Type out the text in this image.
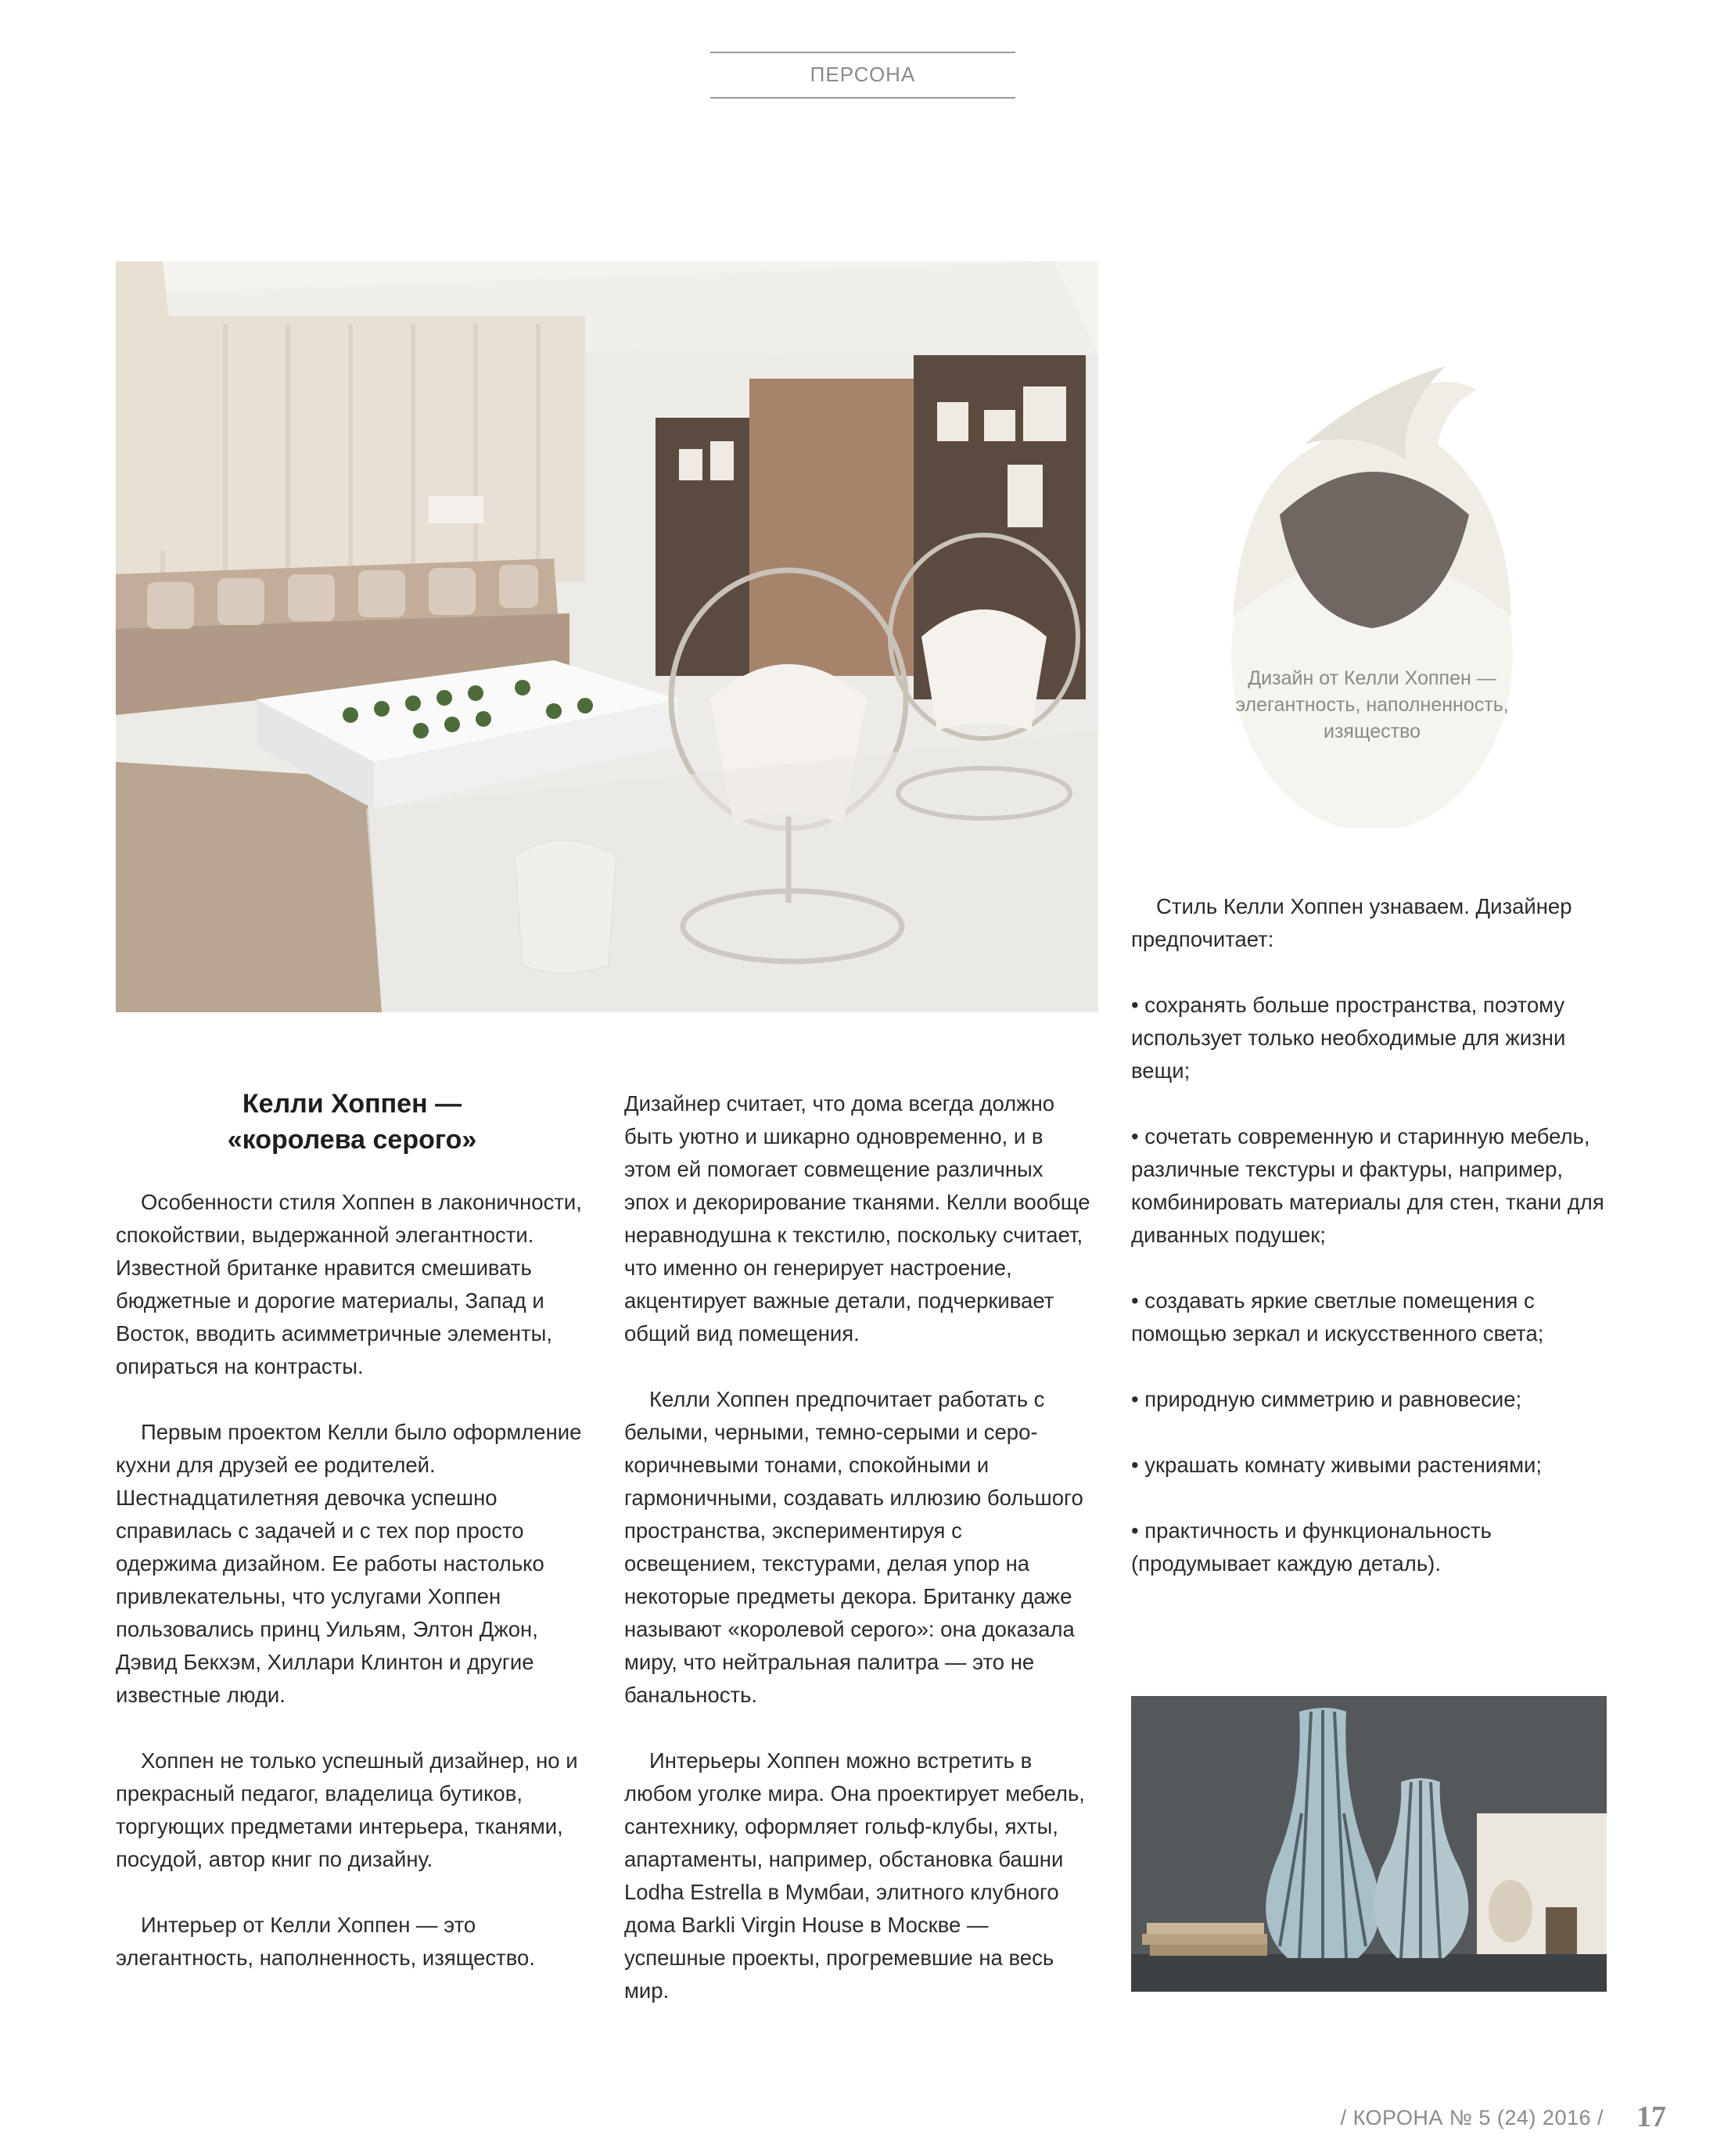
ПЕРСОНА
Дизайн от Келли Хоппен — элегантность, наполненность, изящество
Келли Хоппен —
«королева серого»

Особенности стиля Хоппен в лаконичности, спокойствии, выдержанной элегантности. Известной британке нравится смешивать бюджетные и дорогие материалы, Запад и Восток, вводить асимметричные элементы, опираться на контрасты.

Первым проектом Келли было оформление кухни для друзей ее родителей. Шестнадцатилетняя девочка успешно справилась с задачей и с тех пор просто одержима дизайном. Ее работы настолько привлекательны, что услугами Хоппен пользовались принц Уильям, Элтон Джон, Дэвид Бекхэм, Хиллари Клинтон и другие известные люди.

Хоппен не только успешный дизайнер, но и прекрасный педагог, владелица бутиков, торгующих предметами интерьера, тканями, посудой, автор книг по дизайну.

Интерьер от Келли Хоппен — это элегантность, наполненность, изящество.

Дизайнер считает, что дома всегда должно быть уютно и шикарно одновременно, и в этом ей помогает совмещение различных эпох и декорирование тканями. Келли вообще неравнодушна к текстилю, поскольку считает, что именно он генерирует настроение, акцентирует важные детали, подчеркивает общий вид помещения.

Келли Хоппен предпочитает работать с белыми, черными, темно-серыми и серо-коричневыми тонами, спокойными и гармоничными, создавать иллюзию большого пространства, экспериментируя с освещением, текстурами, делая упор на некоторые предметы декора. Британку даже называют «королевой серого»: она доказала миру, что нейтральная палитра — это не банальность.

Интерьеры Хоппен можно встретить в любом уголке мира. Она проектирует мебель, сантехнику, оформляет гольф-клубы, яхты, апартаменты, например, обстановка башни Lodha Estrella в Мумбаи, элитного клубного дома Barkli Virgin House в Москве — успешные проекты, прогремевшие на весь мир.

Стиль Келли Хоппен узнаваем. Дизайнер предпочитает:

• сохранять больше пространства, поэтому использует только необходимые для жизни вещи;

• сочетать современную и старинную мебель, различные текстуры и фактуры, например, комбинировать материалы для стен, ткани для диванных подушек;

• создавать яркие светлые помещения с помощью зеркал и искусственного света;

• природную симметрию и равновесие;

• украшать комнату живыми растениями;

• практичность и функциональность (продумывает каждую деталь).

/ КОРОНА № 5 (24) 2016 /	17
